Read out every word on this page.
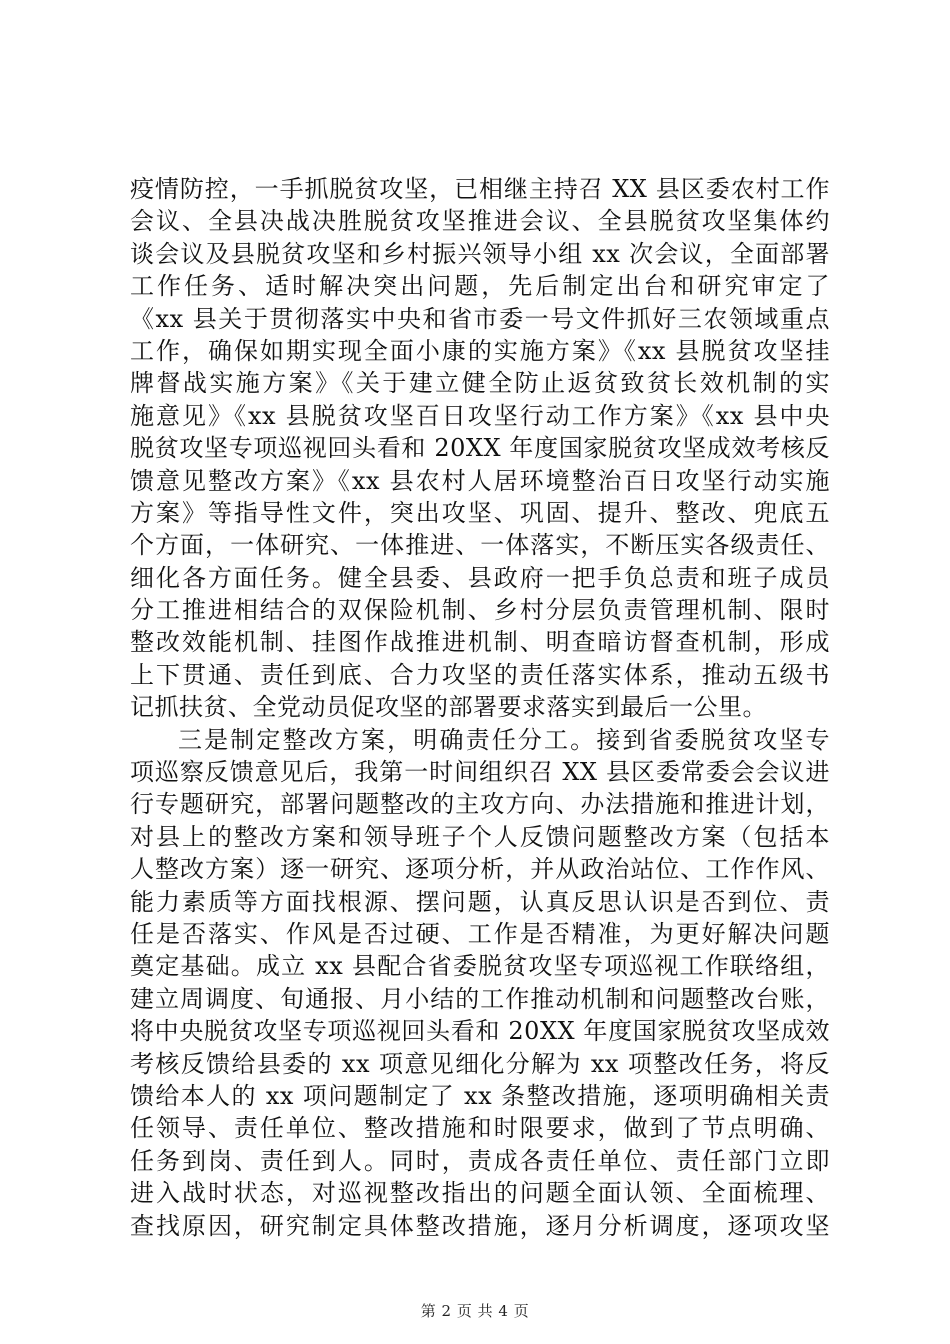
疫情防控，一手抓脱贫攻坚，已相继主持召 XX 县区委农村工作
会议、全县决战决胜脱贫攻坚推进会议、全县脱贫攻坚集体约
谈会议及县脱贫攻坚和乡村振兴领导小组 xx 次会议，全面部署
工作任务、适时解决突出问题，先后制定出台和研究审定了
《xx 县关于贯彻落实中央和省市委一号文件抓好三农领域重点
工作，确保如期实现全面小康的实施方案》《xx 县脱贫攻坚挂
牌督战实施方案》《关于建立健全防止返贫致贫长效机制的实
施意见》《xx 县脱贫攻坚百日攻坚行动工作方案》《xx 县中央
脱贫攻坚专项巡视回头看和 20XX 年度国家脱贫攻坚成效考核反
馈意见整改方案》《xx 县农村人居环境整治百日攻坚行动实施
方案》等指导性文件，突出攻坚、巩固、提升、整改、兜底五
个方面，一体研究、一体推进、一体落实，不断压实各级责任、
细化各方面任务。健全县委、县政府一把手负总责和班子成员
分工推进相结合的双保险机制、乡村分层负责管理机制、限时
整改效能机制、挂图作战推进机制、明查暗访督查机制，形成
上下贯通、责任到底、合力攻坚的责任落实体系，推动五级书
记抓扶贫、全党动员促攻坚的部署要求落实到最后一公里。
三是制定整改方案，明确责任分工。接到省委脱贫攻坚专
项巡察反馈意见后，我第一时间组织召 XX 县区委常委会会议进
行专题研究，部署问题整改的主攻方向、办法措施和推进计划，
对县上的整改方案和领导班子个人反馈问题整改方案（包括本
人整改方案）逐一研究、逐项分析，并从政治站位、工作作风、
能力素质等方面找根源、摆问题，认真反思认识是否到位、责
任是否落实、作风是否过硬、工作是否精准，为更好解决问题
奠定基础。成立 xx 县配合省委脱贫攻坚专项巡视工作联络组，
建立周调度、旬通报、月小结的工作推动机制和问题整改台账，
将中央脱贫攻坚专项巡视回头看和 20XX 年度国家脱贫攻坚成效
考核反馈给县委的 xx 项意见细化分解为 xx 项整改任务，将反
馈给本人的 xx 项问题制定了 xx 条整改措施，逐项明确相关责
任领导、责任单位、整改措施和时限要求，做到了节点明确、
任务到岗、责任到人。同时，责成各责任单位、责任部门立即
进入战时状态，对巡视整改指出的问题全面认领、全面梳理、
查找原因，研究制定具体整改措施，逐月分析调度，逐项攻坚
第 2 页 共 4 页
